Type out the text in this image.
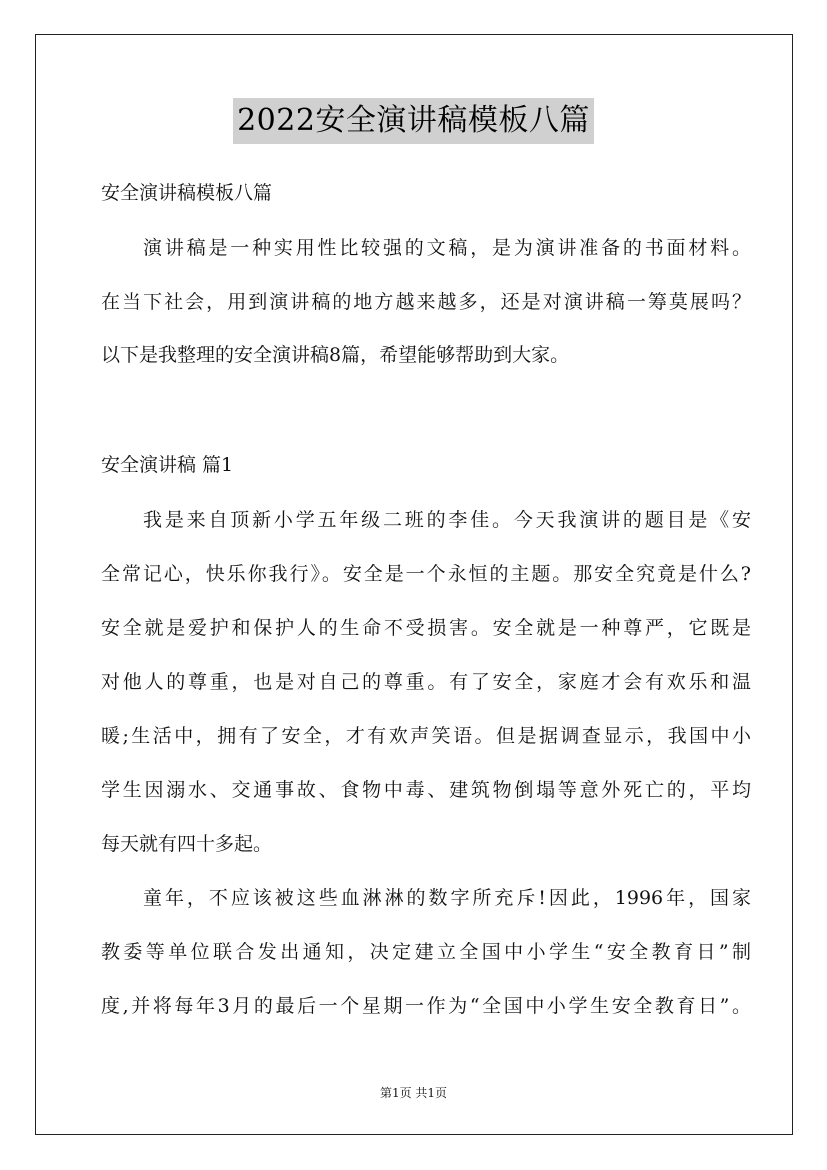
2022安全演讲稿模板八篇
安全演讲稿模板八篇
演讲稿是一种实用性比较强的文稿，是为演讲准备的书面材料。
在当下社会，用到演讲稿的地方越来越多，还是对演讲稿一筹莫展吗？
以下是我整理的安全演讲稿8篇，希望能够帮助到大家。
安全演讲稿 篇1
我是来自顶新小学五年级二班的李佳。今天我演讲的题目是《安
全常记心，快乐你我行》。安全是一个永恒的主题。那安全究竟是什么?
安全就是爱护和保护人的生命不受损害。安全就是一种尊严，它既是
对他人的尊重，也是对自己的尊重。有了安全，家庭才会有欢乐和温
暖;生活中，拥有了安全，才有欢声笑语。但是据调查显示，我国中小
学生因溺水、交通事故、食物中毒、建筑物倒塌等意外死亡的，平均
每天就有四十多起。
童年，不应该被这些血淋淋的数字所充斥!因此，1996年，国家
教委等单位联合发出通知，决定建立全国中小学生“安全教育日”制
度,并将每年3月的最后一个星期一作为“全国中小学生安全教育日”。
第1页 共1页
